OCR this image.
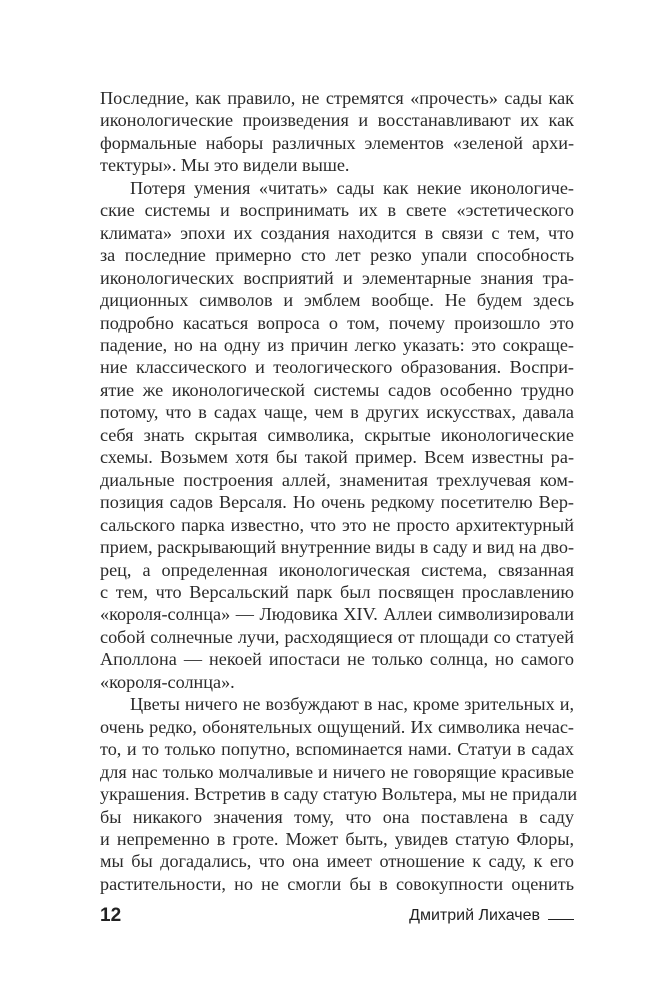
Последние, как правило, не стремятся «прочесть» сады как
иконологические произведения и восстанавливают их как
формальные наборы различных элементов «зеленой архи-
тектуры». Мы это видели выше.
Потеря умения «читать» сады как некие иконологиче-
ские системы и воспринимать их в свете «эстетического
климата» эпохи их создания находится в связи с тем, что
за последние примерно сто лет резко упали способность
иконологических восприятий и элементарные знания тра-
диционных символов и эмблем вообще. Не будем здесь
подробно касаться вопроса о том, почему произошло это
падение, но на одну из причин легко указать: это сокраще-
ние классического и теологического образования. Воспри-
ятие же иконологической системы садов особенно трудно
потому, что в садах чаще, чем в других искусствах, давала
себя знать скрытая символика, скрытые иконологические
схемы. Возьмем хотя бы такой пример. Всем известны ра-
диальные построения аллей, знаменитая трехлучевая ком-
позиция садов Версаля. Но очень редкому посетителю Вер-
сальского парка известно, что это не просто архитектурный
прием, раскрывающий внутренние виды в саду и вид на дво-
рец, а определенная иконологическая система, связанная
с тем, что Версальский парк был посвящен прославлению
«короля-солнца» — Людовика XIV. Аллеи символизировали
собой солнечные лучи, расходящиеся от площади со статуей
Аполлона — некоей ипостаси не только солнца, но самого
«короля-солнца».
Цветы ничего не возбуждают в нас, кроме зрительных и,
очень редко, обонятельных ощущений. Их символика нечас-
то, и то только попутно, вспоминается нами. Статуи в садах
для нас только молчаливые и ничего не говорящие красивые
украшения. Встретив в саду статую Вольтера, мы не придали
бы никакого значения тому, что она поставлена в саду
и непременно в гроте. Может быть, увидев статую Флоры,
мы бы догадались, что она имеет отношение к саду, к его
растительности, но не смогли бы в совокупности оценить
12	Дмитрий Лихачев
